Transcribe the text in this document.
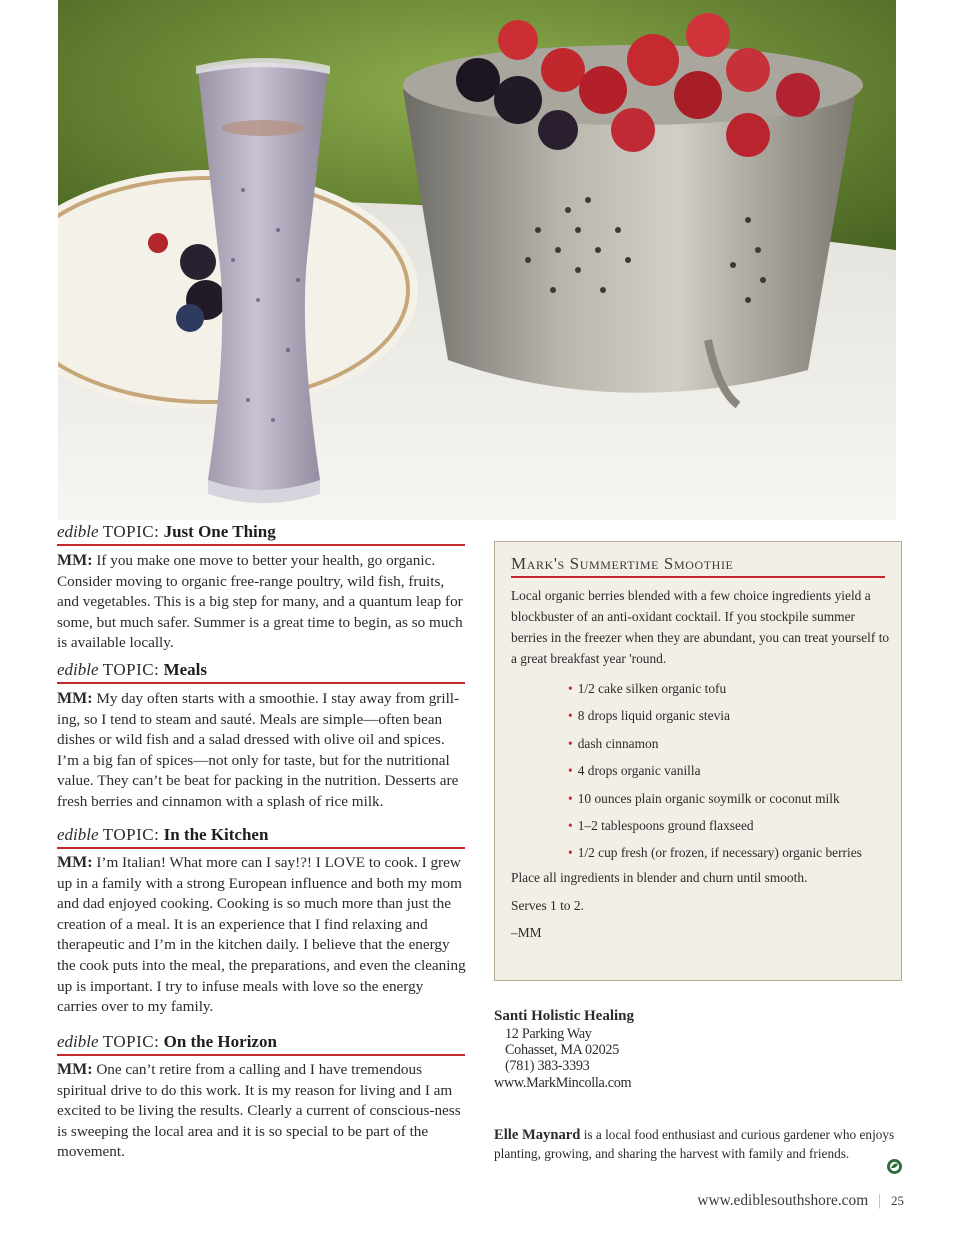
edible TOPIC: Just One Thing

MM: If you make one move to better your health, go organic. Consider moving to organic free-range poultry, wild fish, fruits, and vegetables. This is a big step for many, and a quantum leap for some, but much safer. Summer is a great time to begin, as so much is available locally.

edible TOPIC: Meals

MM: My day often starts with a smoothie. I stay away from grill-ing, so I tend to steam and sauté. Meals are simple—often bean dishes or wild fish and a salad dressed with olive oil and spices. I’m a big fan of spices—not only for taste, but for the nutritional value. They can’t be beat for packing in the nutrition. Desserts are fresh berries and cinnamon with a splash of rice milk.

edible TOPIC: In the Kitchen

MM: I’m Italian! What more can I say!?! I LOVE to cook. I grew up in a family with a strong European influence and both my mom and dad enjoyed cooking. Cooking is so much more than just the creation of a meal. It is an experience that I find relaxing and therapeutic and I’m in the kitchen daily. I believe that the energy the cook puts into the meal, the preparations, and even the cleaning up is important. I try to infuse meals with love so the energy carries over to my family.

edible TOPIC: On the Horizon

MM: One can’t retire from a calling and I have tremendous spiritual drive to do this work. It is my reason for living and I am excited to be living the results. Clearly a current of conscious-ness is sweeping the local area and it is so special to be part of the movement.

Mark's Summertime Smoothie

Local organic berries blended with a few choice ingredients yield a blockbuster of an anti-oxidant cocktail. If you stockpile summer berries in the freezer when they are abundant, you can treat yourself to a great breakfast year 'round.

• 1/2 cake silken organic tofu
• 8 drops liquid organic stevia
• dash cinnamon
• 4 drops organic vanilla
• 10 ounces plain organic soymilk or coconut milk
• 1–2 tablespoons ground flaxseed
• 1/2 cup fresh (or frozen, if necessary) organic berries

Place all ingredients in blender and churn until smooth.

Serves 1 to 2.

–MM

Santi Holistic Healing

12 Parking Way

Cohasset, MA 02025

(781) 383-3393

www.MarkMincolla.com

Elle Maynard is a local food enthusiast and curious gardener who enjoys planting, growing, and sharing the harvest with family and friends.

www.ediblesouthshore.com | 25
